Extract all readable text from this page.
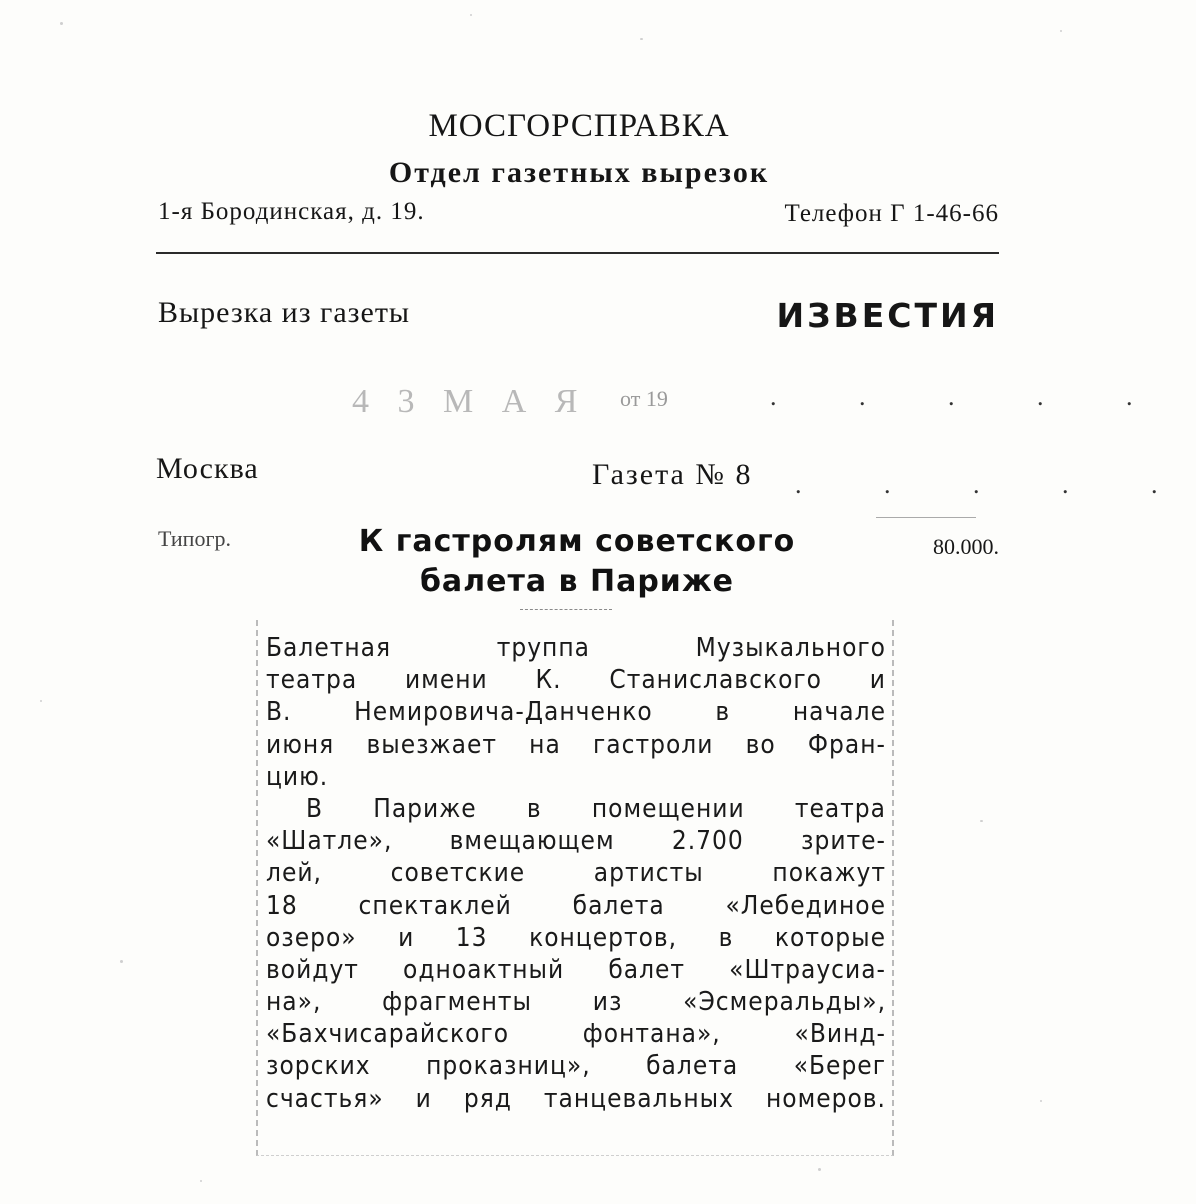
МОСГОРСПРАВКА
Отдел газетных вырезок
1-я Бородинская, д. 19.	Телефон Г 1-46-66
Вырезка из газеты	ИЗВЕСТИЯ
4 3 М А Я от 19	. . . . .
Москва	Газета № 8 . . . . .
Типогр.	80.000.
К гастролям советского
балета в Париже
Балетная труппа Музыкального
театра имени К. Станиславского и
В. Немировича-Данченко в начале
июня выезжает на гастроли во Фран-
цию.
В Париже в помещении театра
«Шатле», вмещающем 2.700 зрите-
лей, советские артисты покажут
18 спектаклей балета «Лебединое
озеро» и 13 концертов, в которые
войдут одноактный балет «Штраусиа-
на», фрагменты из «Эсмеральды»,
«Бахчисарайского фонтана», «Винд-
зорских проказниц», балета «Берег
счастья» и ряд танцевальных номеров.
